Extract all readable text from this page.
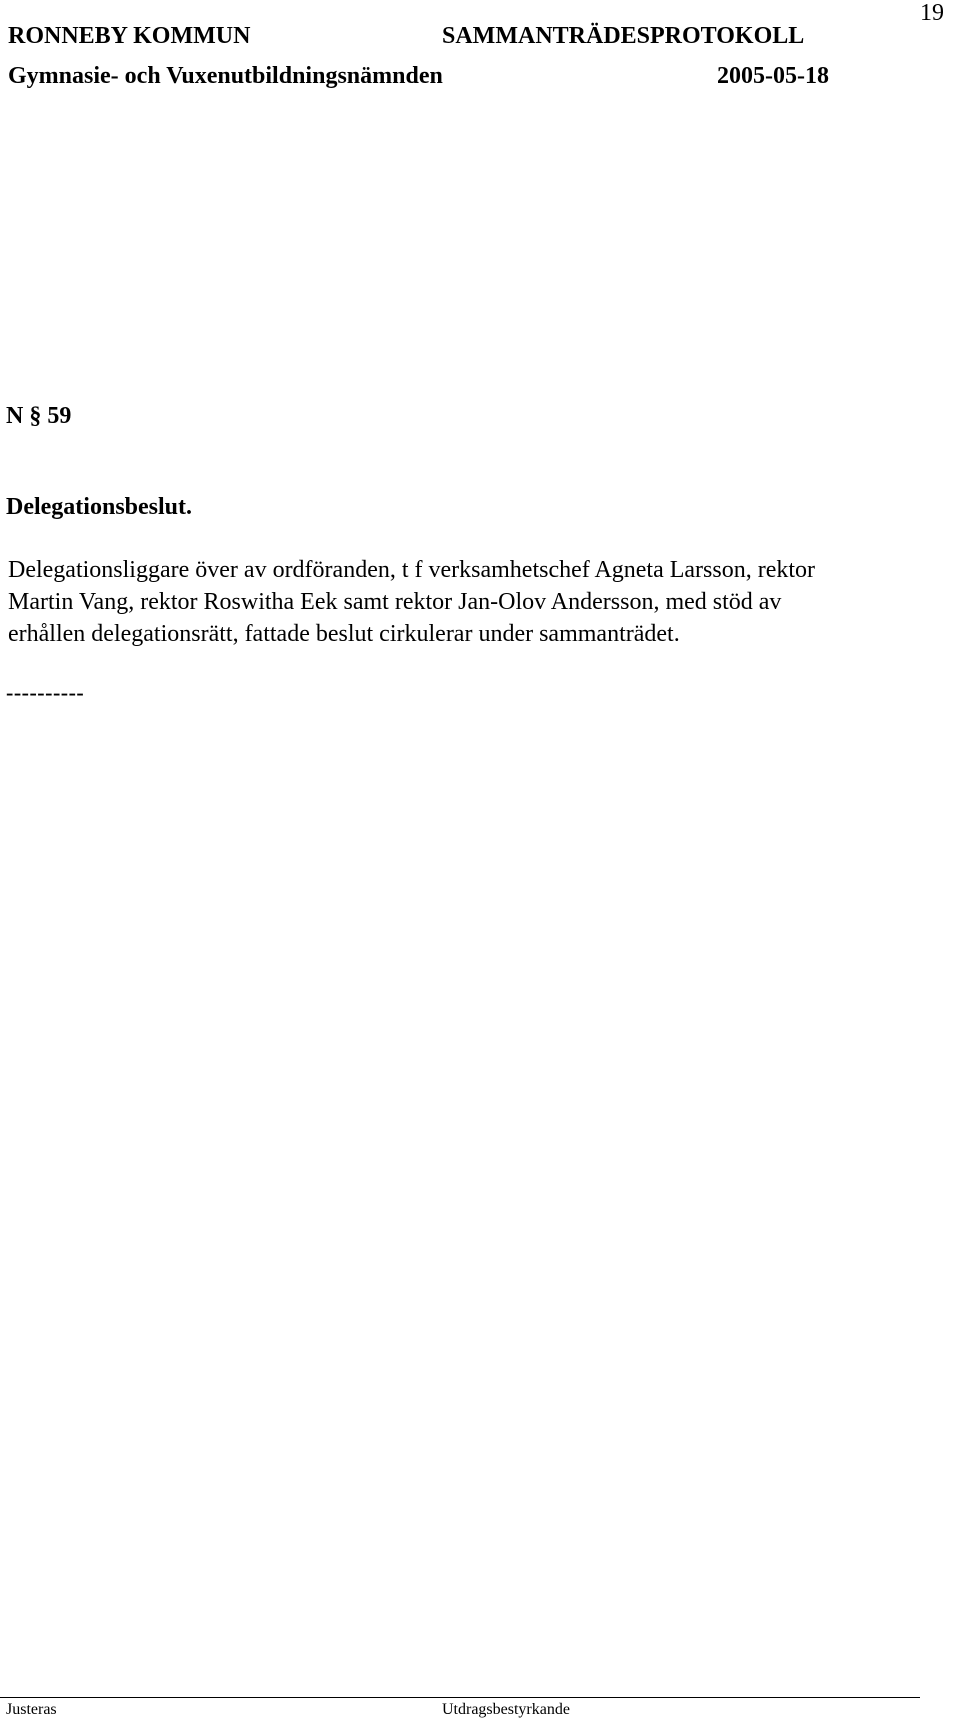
19
RONNEBY KOMMUN	SAMMANTRÄDESPROTOKOLL
Gymnasie- och Vuxenutbildningsnämnden	2005-05-18
N § 59
Delegationsbeslut.
Delegationsliggare över av ordföranden, t f verksamhetschef Agneta Larsson, rektor
Martin Vang, rektor Roswitha Eek samt rektor Jan-Olov Andersson, med stöd av
erhållen delegationsrätt, fattade beslut cirkulerar under sammanträdet.
----------
Justeras	Utdragsbestyrkande
